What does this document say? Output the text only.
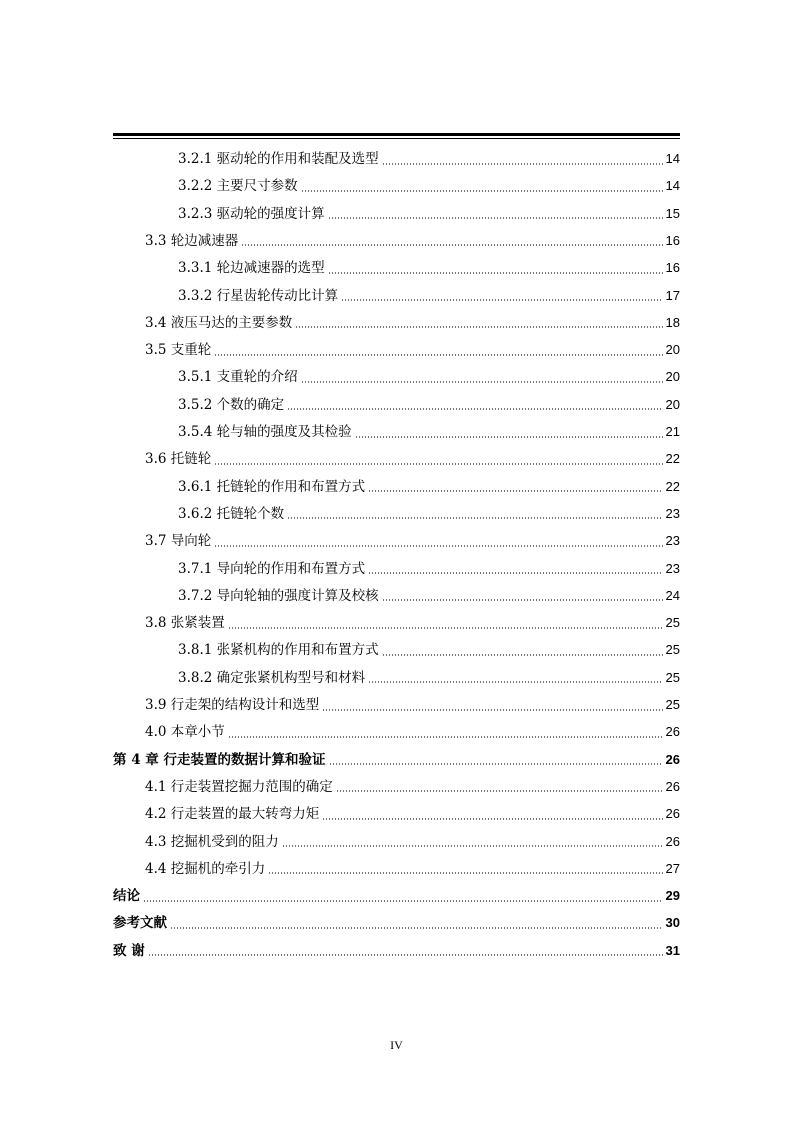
3.2.1 驱动轮的作用和装配及选型	14
3.2.2 主要尺寸参数	14
3.2.3 驱动轮的强度计算	15
3.3 轮边减速器	16
3.3.1 轮边减速器的选型	16
3.3.2 行星齿轮传动比计算	17
3.4 液压马达的主要参数	18
3.5 支重轮	20
3.5.1 支重轮的介绍	20
3.5.2 个数的确定	20
3.5.4 轮与轴的强度及其检验	21
3.6 托链轮	22
3.6.1 托链轮的作用和布置方式	22
3.6.2 托链轮个数	23
3.7 导向轮	23
3.7.1 导向轮的作用和布置方式	23
3.7.2 导向轮轴的强度计算及校核	24
3.8 张紧装置	25
3.8.1 张紧机构的作用和布置方式	25
3.8.2 确定张紧机构型号和材料	25
3.9 行走架的结构设计和选型	25
4.0 本章小节	26
第 4 章 行走装置的数据计算和验证	26
4.1 行走装置挖掘力范围的确定	26
4.2 行走装置的最大转弯力矩	26
4.3 挖掘机受到的阻力	26
4.4 挖掘机的牵引力	27
结论	29
参考文献	30
致 谢	31
IV
